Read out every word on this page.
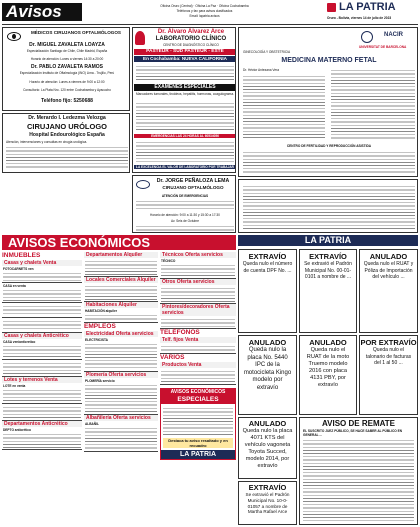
Avisos	Oficina Oruro (Central) · Oficina La Paz · Oficina Cochabamba
Teléfonos y fax para avisos clasificados
Email: lapatria avisos
LA PATRIA
Oruro - Bolivia, viernes 14 de julio de 2023
MÉDICOS CIRUJANOS OFTALMÓLOGOS
Dr. MIGUEL ZAVALETA LOAYZA
Especialización Santiago de Chile, Chile Madrid, España
Horario de atención: Lunes a viernes 14:30 a 20:00
Dr. PABLO ZAVALETA RAMOS
Especialización Instituto de Oftalmología (INO) Lima - Trujillo, Perú
Horario de atención: Lunes a viernes de 9:00 a 12:00
Consultorio: La Plata Nro. 120 entre Cochabamba y Ayacucho
Teléfono fijo: 5250688
Dr. Merardo I. Ledezma Velozga
CIRUJANO URÓLOGO
Hospital Endourológico España
Atención, intervenciones y consultas en cirugía urológica.
Dr. Álvaro Álvarez Arce
LABORATORIO CLÍNICO
CENTRO DE DIAGNÓSTICO CLÍNICO
PASTEUR - SUD PASTEUR - ESTE
En Cochabamba: NUEVA CALIFORNIA
EXAMENES ESPECIALES
Marcadores tumorales, tiroideos, hepatitis, hormonas, coagulograma.
EMERGENCIAS LAS 24 HORAS AL 60534056
LA EXCELENCIA EL VALOR DE LABORATORIO POR TRABAJAR
Dr. JORGE PEÑALOZA LEMA
CIRUJANO OFTALMÓLOGO
ATENCIÓN DE EMERGENCIAS
Horario de atención: 9:00 a 11:30 y 15:30 a 17:30
Av. Seis de Octubre
NACIR
UNIVERSITAT DE BARCELONA
GINECOLOGÍA Y OBSTETRICIA
MEDICINA MATERNO FETAL
Dr. Héctor Antezana Vera
CENTRO DE FERTILIDAD Y REPRODUCCIÓN ASISTIDA
LA PATRIA
AVISOS ECONÓMICOS
INMUEBLES
Casas y chalets Venta
FOTOCARNETS ven
CASA en venta
Casas y chalets Anticrético
CASA ven/anticretico
Lotes y terrenos Venta
LOTE en venta
Departamentos Anticrético
DEPTO anticrético
Departamentos Alquiler
Locales Comerciales Alquiler
Habitaciones Alquiler
HABITACIÓN alquiler
EMPLEOS
Electricidad Oferta servicios
ELECTRICISTA
Plomería Oferta servicios
PLOMERÍA servicio
Albañilería Oferta servicios
ALBAÑIL
Técnicos Oferta servicios
TÉCNICO
Otros Oferta servicios
Pintores/decoradores Oferta servicios
TELÉFONOS
Telf. fijos Venta
VARIOS
Productos Venta
AVISOS ECONÓMICOS
ESPECIALES
Destaca tu aviso resaltado y en recuadro
LA PATRIA
EXTRAVÍO
Queda nulo el número de cuenta DPF No. ...
EXTRAVÍO
Se extravió el Padrón Municipal No. 00-01-0101 a nombre de ...
ANULADO
Queda nulo el RUAT y Póliza de Importación del vehículo ...
ANULADO
Queda nulo la placa No. 5440 IPC de la motocicleta Kingo modelo por extravío
ANULADO
Queda nulo el RUAT de la moto Truemo modelo 2016 con placa 4131 PBY, por extravío
POR EXTRAVÍO
Queda nulo el talonario de facturas del 1 al 50 ...
ANULADO
Queda nulo la placa 4071 KTS del vehículo vagoneta Toyota Succed, modelo 2014, por extravío
EXTRAVÍO
Se extravió el Padrón Municipal No. 10-0-01057 a nombre de Martha Rafael Arce
AVISO DE REMATE
EL SUSCRITO JUEZ PÚBLICO, SE HACE SABER AL PÚBLICO EN GENERAL ...
